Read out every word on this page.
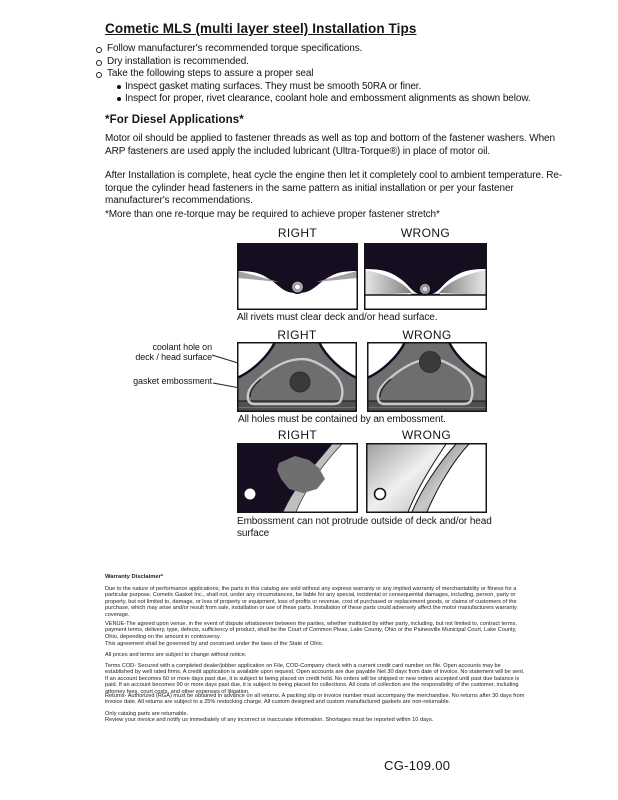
Cometic MLS (multi layer steel) Installation Tips
Follow manufacturer's recommended torque specifications.
Dry installation is recommended.
Take the following steps to assure a proper seal
Inspect gasket mating surfaces. They must be smooth 50RA or finer.
Inspect for proper, rivet clearance, coolant hole and embossment alignments as shown below.
*For Diesel Applications*
Motor oil should be applied to fastener threads as well as top and bottom of the fastener washers. When ARP fasteners are used apply the included lubricant (Ultra-Torque®) in place of motor oil.
After Installation is complete, heat cycle the engine then let it completely cool to ambient temperature. Re-torque the cylinder head fasteners in the same pattern as initial installation or per your fastener manufacturer's recommendations.
*More than one re-torque may be required to achieve proper fastener stretch*
RIGHT	WRONG
All rivets must clear deck and/or head surface.
RIGHT	WRONG
coolant hole on
deck / head surface
gasket embossment
All holes must be contained by an embossment.
RIGHT	WRONG
Embossment can not protrude outside of deck and/or head surface
Warranty Disclaimer*
Due to the nature of performance applications, the parts in this catalog are sold without any express warranty or any implied warranty of merchantability or fitness for a particular purpose. Cometic Gasket Inc., shall not, under any circumstances, be liable for any special, incidental or consequential damages, including, person, party or property, but not limited to, damage, or loss of property or equipment, loss of profits or revenue, cost of purchased or replacement goods, or claims of customers of the purchase, which may arise and/or result from sale, installation or use of these parts. Installation of these parts could adversely affect the motor manufacturers warranty coverage.
VENUE-The agreed upon venue, in the event of dispute whatsoever between the parties, whether instituted by either party, including, but not limited to, contract terms, payment terms, delivery, type, defects, sufficiency of product, shall be the Court of Common Pleas, Lake County, Ohio or the Painesville Municipal Court, Lake County, Ohio, depending on the amount in controversy.
This agreement shall be governed by and construed under the laws of the State of Ohio.
All prices and terms are subject to change without notice.
Terms COD- Secured with a completed dealer/jobber application on File, COD-Company check with a current credit card number on file. Open accounts may be established by well rated firms. A credit application is available upon request. Open accounts are due payable Net 30 days from date of invoice. No statement will be sent. If an account becomes 60 or more days past due, it is subject to being placed on credit hold. No orders will be shipped or new orders accepted until past due balance is paid. If an account becomes 90 or more days past due, it is subject to being placed for collections. All costs of collection are the responsibility of the customer, including attorney fees, court costs, and other expenses of litigation.
Returns- Authorized (RGA) must be obtained in advance on all returns. A packing slip or invoice number must accompany the merchandise. No returns after 30 days from invoice date. All returns are subject to a 25% restocking charge. All custom designed and custom manufactured gaskets are non-returnable.
Only catalog parts are returnable.
Review your invoice and notify us immediately of any incorrect or inaccurate information. Shortages must be reported within 10 days.
CG-109.00
